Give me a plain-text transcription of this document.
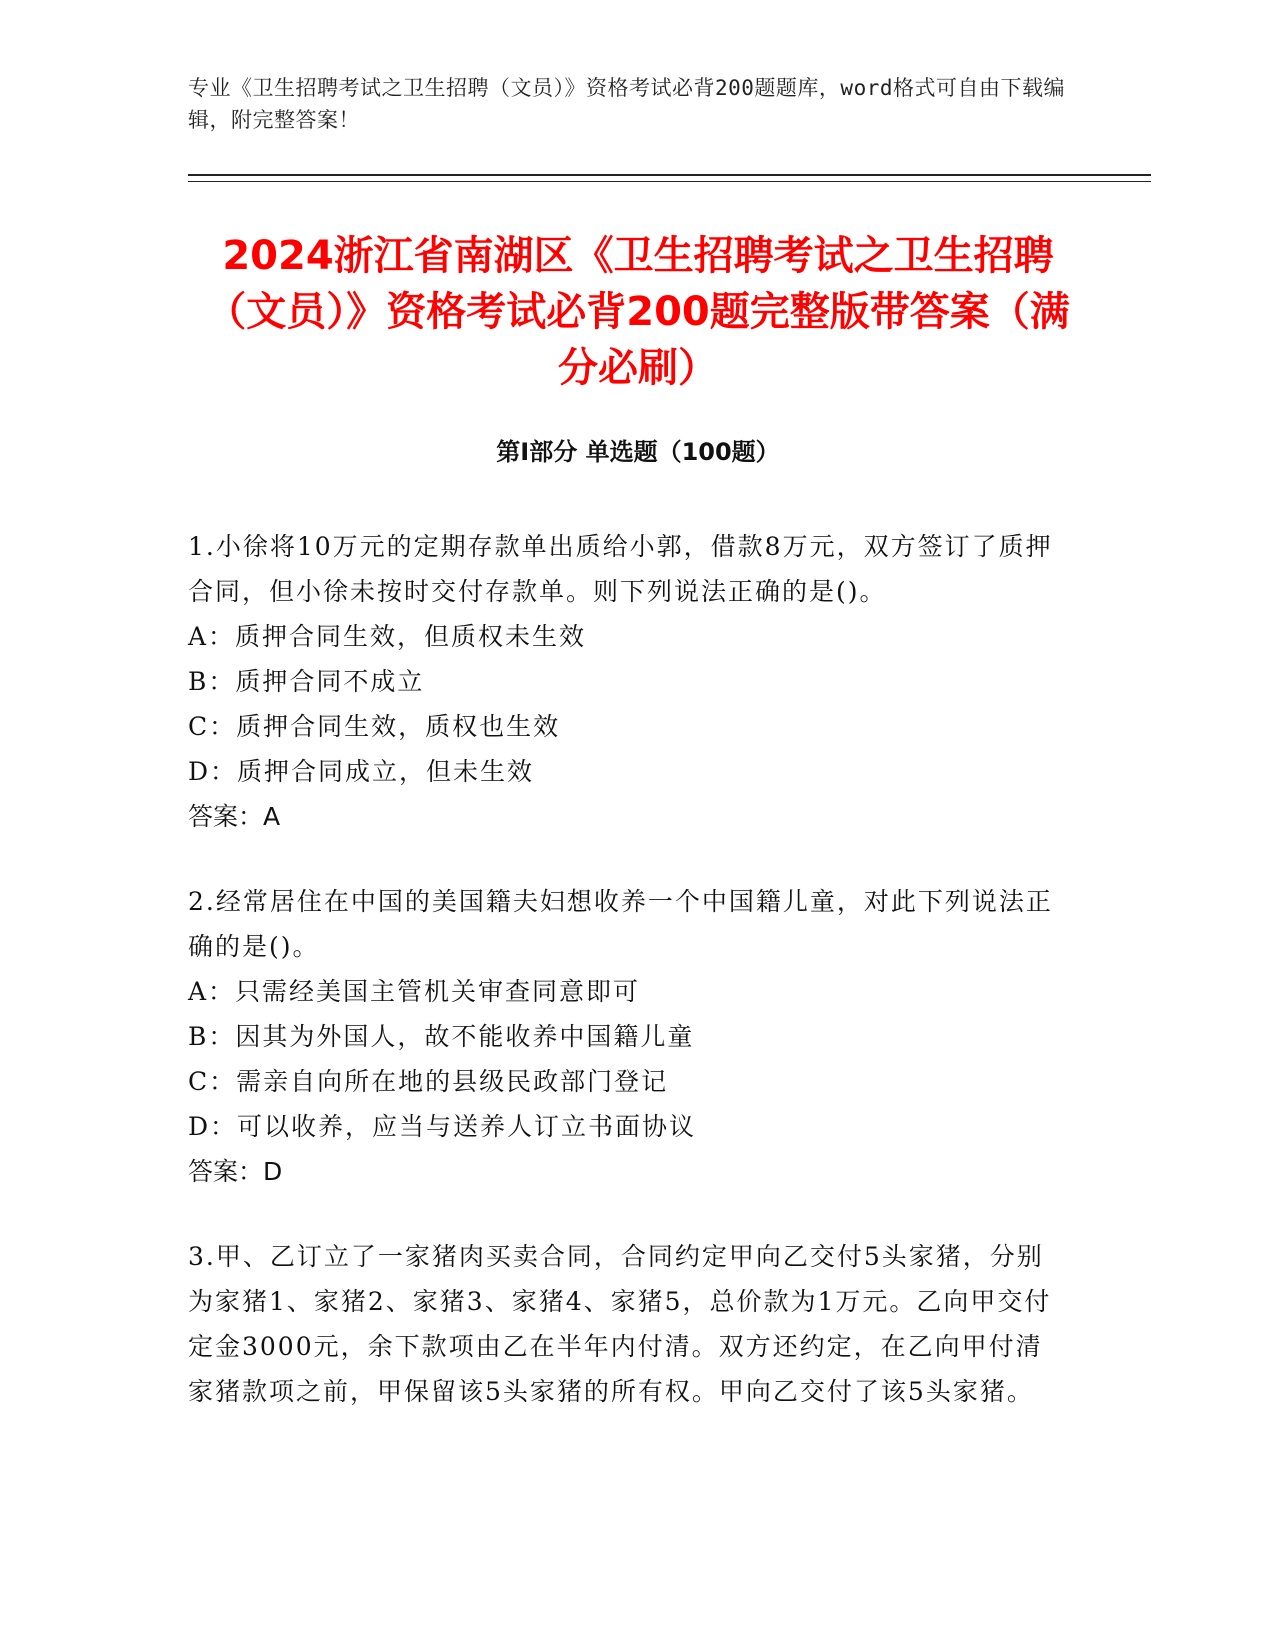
专业《卫生招聘考试之卫生招聘（文员）》资格考试必背200题题库，word格式可自由下载编辑，附完整答案！
2024浙江省南湖区《卫生招聘考试之卫生招聘（文员）》资格考试必背200题完整版带答案（满分必刷）
第I部分 单选题（100题）
1.小徐将10万元的定期存款单出质给小郭，借款8万元，双方签订了质押合同，但小徐未按时交付存款单。则下列说法正确的是()。
A：质押合同生效，但质权未生效
B：质押合同不成立
C：质押合同生效，质权也生效
D：质押合同成立，但未生效
答案：A
2.经常居住在中国的美国籍夫妇想收养一个中国籍儿童，对此下列说法正确的是()。
A：只需经美国主管机关审查同意即可
B：因其为外国人，故不能收养中国籍儿童
C：需亲自向所在地的县级民政部门登记
D：可以收养，应当与送养人订立书面协议
答案：D
3.甲、乙订立了一家猪肉买卖合同，合同约定甲向乙交付5头家猪，分别为家猪1、家猪2、家猪3、家猪4、家猪5，总价款为1万元。乙向甲交付定金3000元，余下款项由乙在半年内付清。双方还约定，在乙向甲付清家猪款项之前，甲保留该5头家猪的所有权。甲向乙交付了该5头家猪。
